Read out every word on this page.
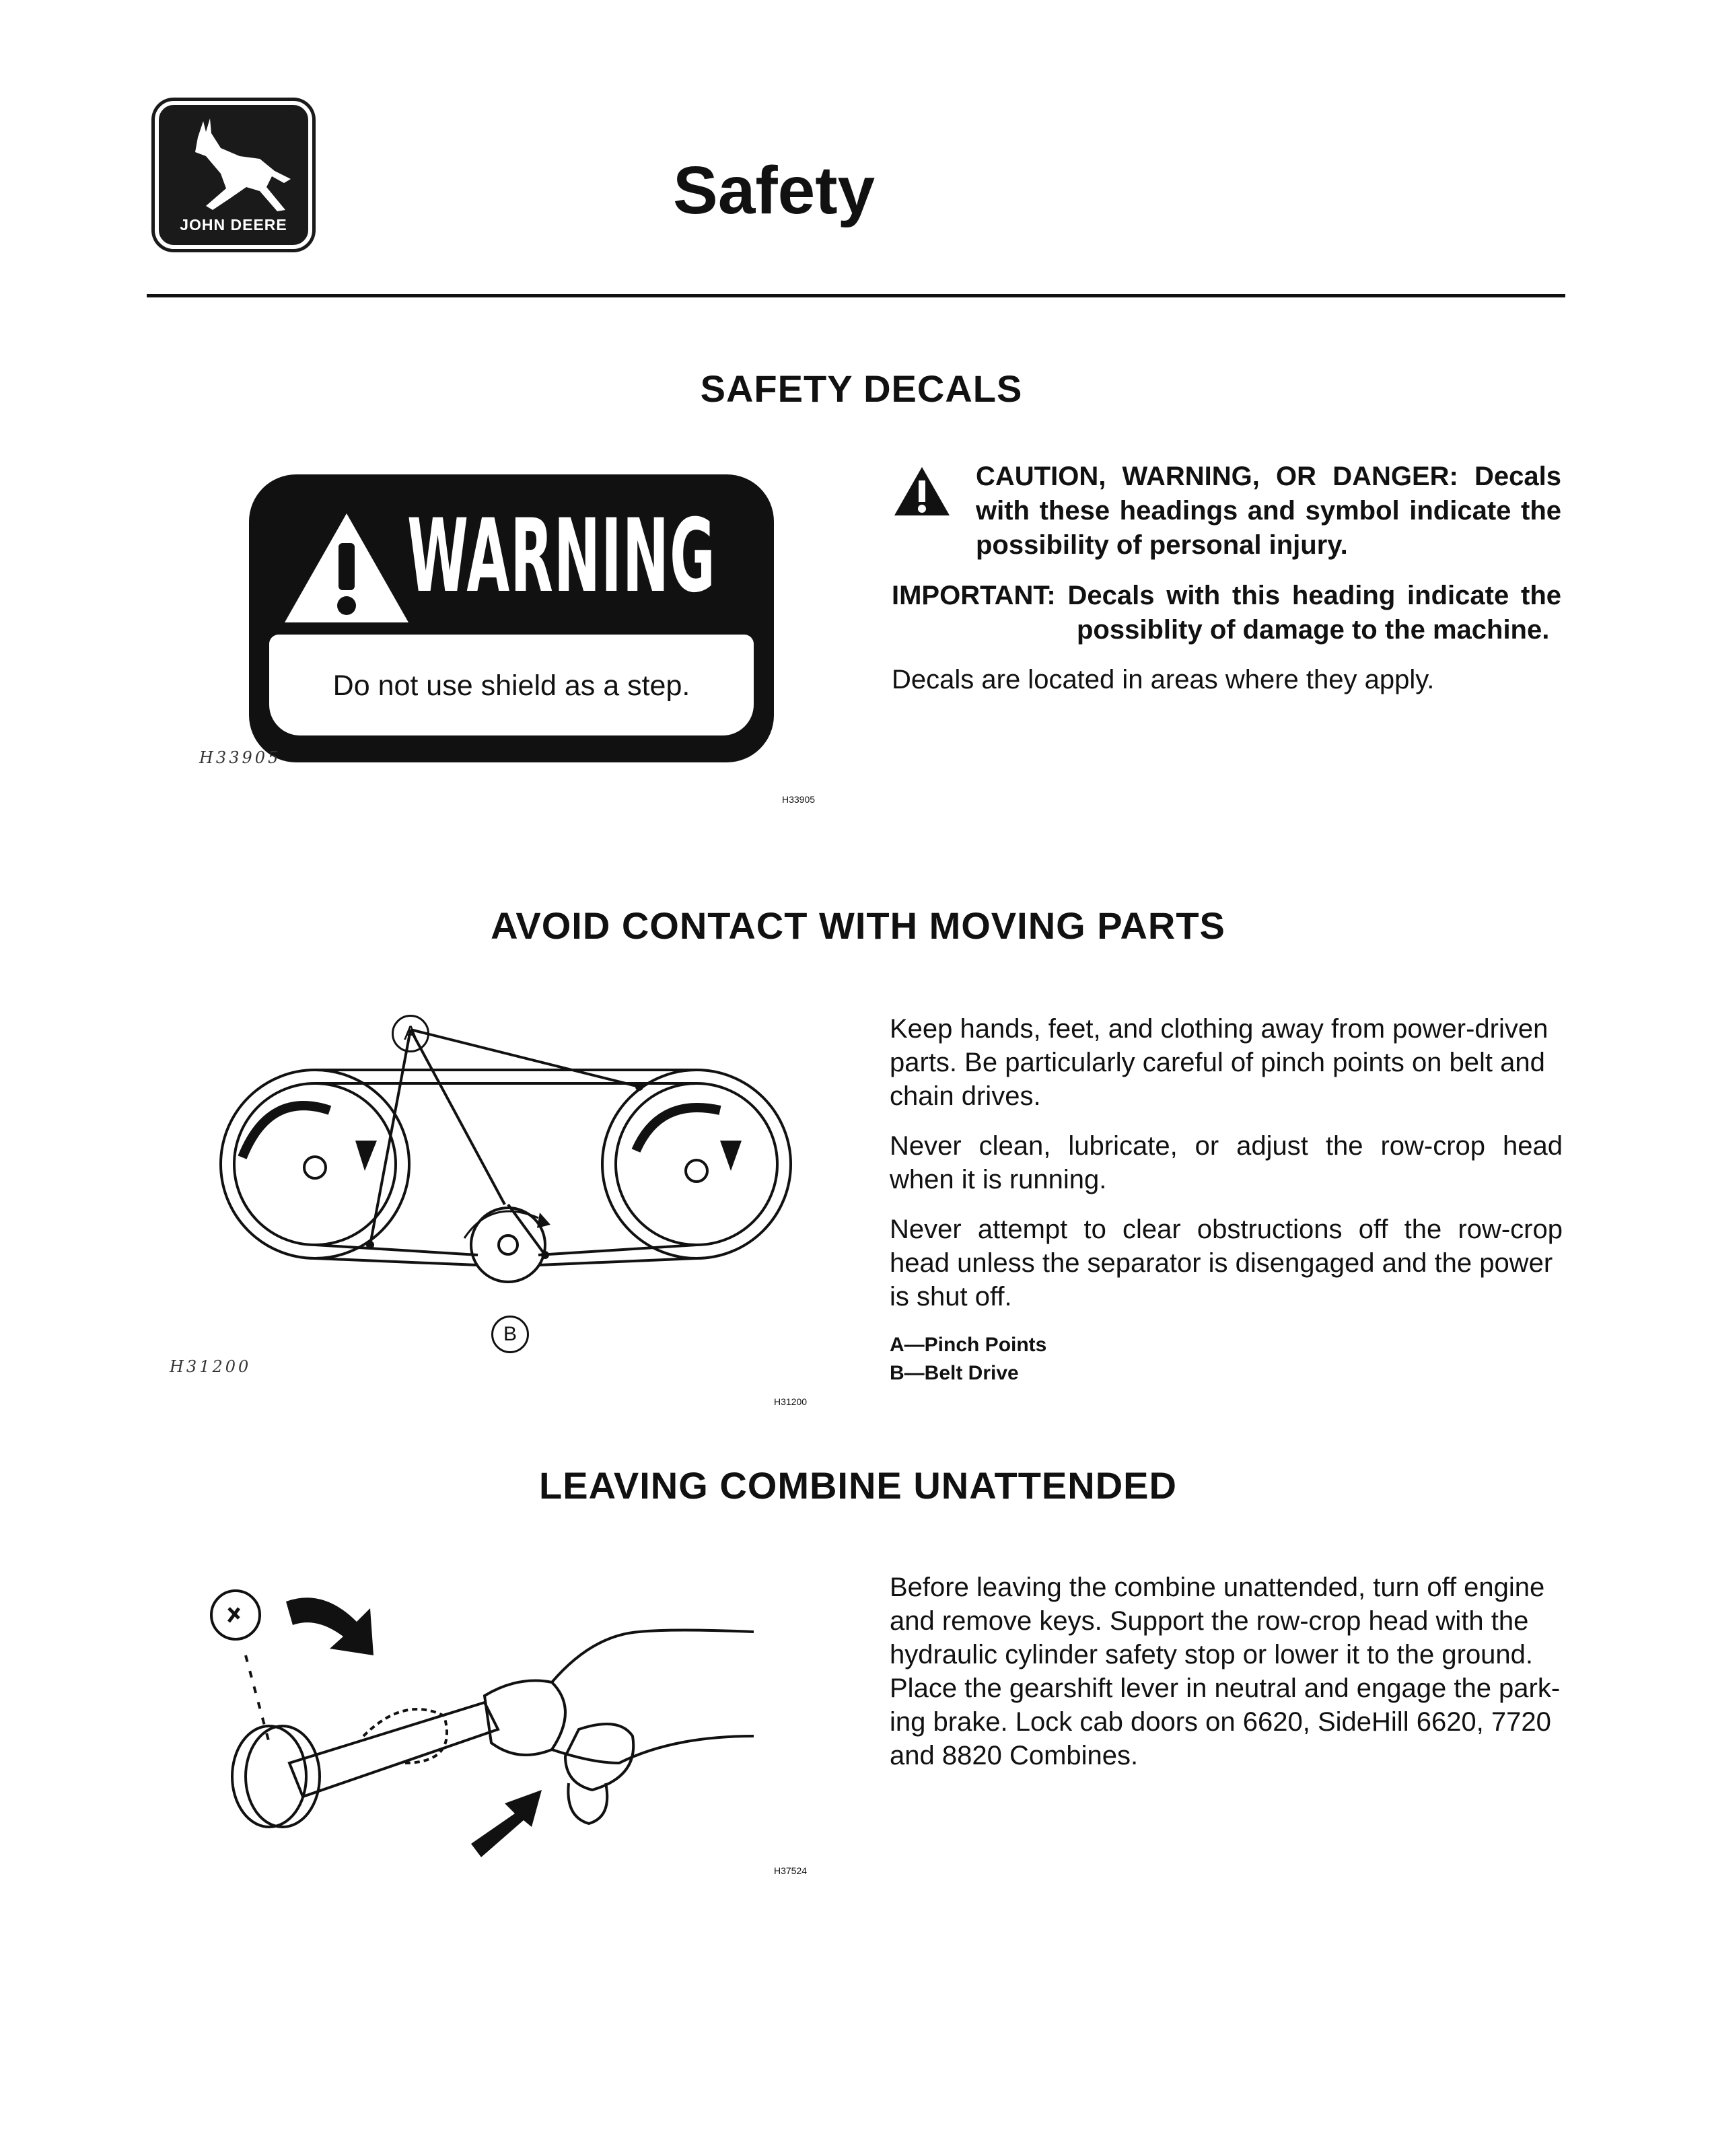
JOHN DEERE	Safety
SAFETY DECALS
WARNING
Do not use shield as a step.
H33905
H33905
CAUTION, WARNING, OR DANGER: Decals
with these headings and symbol indicate the
possibility of personal injury.
IMPORTANT: Decals with this heading indicate the
possiblity of damage to the machine.
Decals are located in areas where they apply.
AVOID CONTACT WITH MOVING PARTS
A
B
H31200
H31200
Keep hands, feet, and clothing away from power-driven
parts. Be particularly careful of pinch points on belt and
chain drives.
Never clean, lubricate, or adjust the row-crop head
when it is running.
Never attempt to clear obstructions off the row-crop
head unless the separator is disengaged and the power
is shut off.
A—Pinch Points
B—Belt Drive
LEAVING COMBINE UNATTENDED
H37524
Before leaving the combine unattended, turn off engine
and remove keys. Support the row-crop head with the
hydraulic cylinder safety stop or lower it to the ground.
Place the gearshift lever in neutral and engage the park-
ing brake. Lock cab doors on 6620, SideHill 6620, 7720
and 8820 Combines.
